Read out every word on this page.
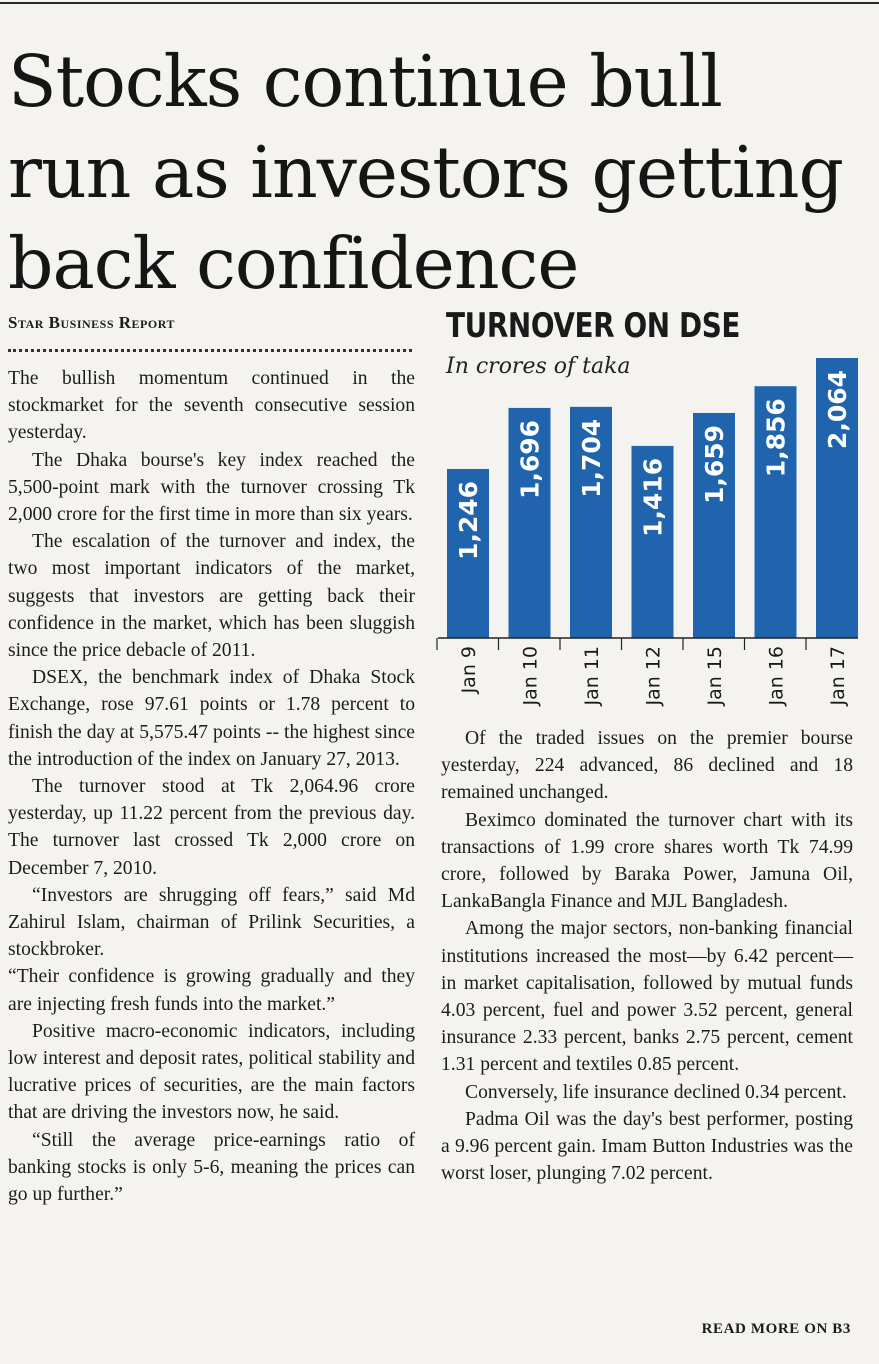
Stocks continue bull
run as investors getting
back confidence
Star Business Report

The bullish momentum continued in the stockmarket for the seventh consecutive session yesterday.

The Dhaka bourse's key index reached the 5,500-point mark with the turnover crossing Tk 2,000 crore for the first time in more than six years.

The escalation of the turnover and index, the two most important indicators of the market, suggests that investors are getting back their confidence in the market, which has been sluggish since the price debacle of 2011.

DSEX, the benchmark index of Dhaka Stock Exchange, rose 97.61 points or 1.78 percent to finish the day at 5,575.47 points -- the highest since the introduction of the index on January 27, 2013.

The turnover stood at Tk 2,064.96 crore yesterday, up 11.22 percent from the previous day. The turnover last crossed Tk 2,000 crore on December 7, 2010.

“Investors are shrugging off fears,” said Md Zahirul Islam, chairman of Prilink Securities, a stockbroker.

“Their confidence is growing gradually and they are injecting fresh funds into the market.”

Positive macro-economic indicators, including low interest and deposit rates, political stability and lucrative prices of securities, are the main factors that are driving the investors now, he said.

“Still the average price-earnings ratio of banking stocks is only 5-6, meaning the prices can go up further.”

TURNOVER ON DSE
In crores of taka
1,246
Jan 9
1,696
Jan 10
1,704
Jan 11
1,416
Jan 12
1,659
Jan 15
1,856
Jan 16
2,064
Jan 17

Of the traded issues on the premier bourse yesterday, 224 advanced, 86 declined and 18 remained unchanged.

Beximco dominated the turnover chart with its transactions of 1.99 crore shares worth Tk 74.99 crore, followed by Baraka Power, Jamuna Oil, LankaBangla Finance and MJL Bangladesh.

Among the major sectors, non-banking financial institutions increased the most—by 6.42 percent—in market capitalisation, followed by mutual funds 4.03 percent, fuel and power 3.52 percent, general insurance 2.33 percent, banks 2.75 percent, cement 1.31 percent and textiles 0.85 percent.

Conversely, life insurance declined 0.34 percent.

Padma Oil was the day's best performer, posting a 9.96 percent gain. Imam Button Industries was the worst loser, plunging 7.02 percent.

READ MORE ON B3
